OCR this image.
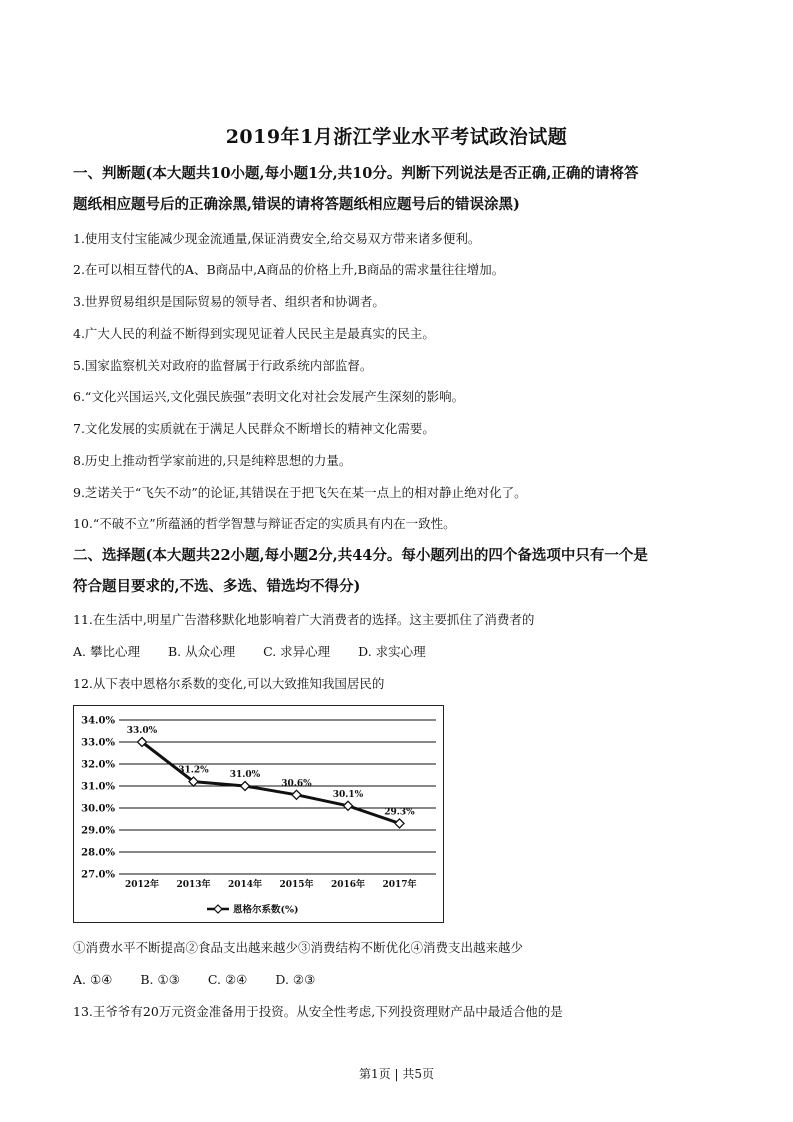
2019年1月浙江学业水平考试政治试题
一、判断题(本大题共10小题,每小题1分,共10分。判断下列说法是否正确,正确的请将答
题纸相应题号后的正确涂黑,错误的请将答题纸相应题号后的错误涂黑)
1.使用支付宝能减少现金流通量,保证消费安全,给交易双方带来诸多便利。
2.在可以相互替代的A、B商品中,A商品的价格上升,B商品的需求量往往增加。
3.世界贸易组织是国际贸易的领导者、组织者和协调者。
4.广大人民的利益不断得到实现见证着人民民主是最真实的民主。
5.国家监察机关对政府的监督属于行政系统内部监督。
6.“文化兴国运兴,文化强民族强”表明文化对社会发展产生深刻的影响。
7.文化发展的实质就在于满足人民群众不断增长的精神文化需要。
8.历史上推动哲学家前进的,只是纯粹思想的力量。
9.芝诺关于“飞矢不动”的论证,其错误在于把飞矢在某一点上的相对静止绝对化了。
10.“不破不立”所蕴涵的哲学智慧与辩证否定的实质具有内在一致性。
二、选择题(本大题共22小题,每小题2分,共44分。每小题列出的四个备选项中只有一个是
符合题目要求的,不选、多选、错选均不得分)
11.在生活中,明星广告潜移默化地影响着广大消费者的选择。这主要抓住了消费者的
A. 攀比心理 B. 从众心理 C. 求异心理 D. 求实心理
12.从下表中恩格尔系数的变化,可以大致推知我国居民的
27.0%
28.0%
29.0%
30.0%
31.0%
32.0%
33.0%
34.0%
2012年 2013年 2014年 2015年 2016年 2017年
33.0%
31.2% 31.0%
30.6%
30.1%
29.3%
恩格尔系数(%)
①消费水平不断提高②食品支出越来越少③消费结构不断优化④消费支出越来越少
A. ①④ B. ①③ C. ②④ D. ②③
13.王爷爷有20万元资金准备用于投资。从安全性考虑,下列投资理财产品中最适合他的是
第1页 | 共5页
